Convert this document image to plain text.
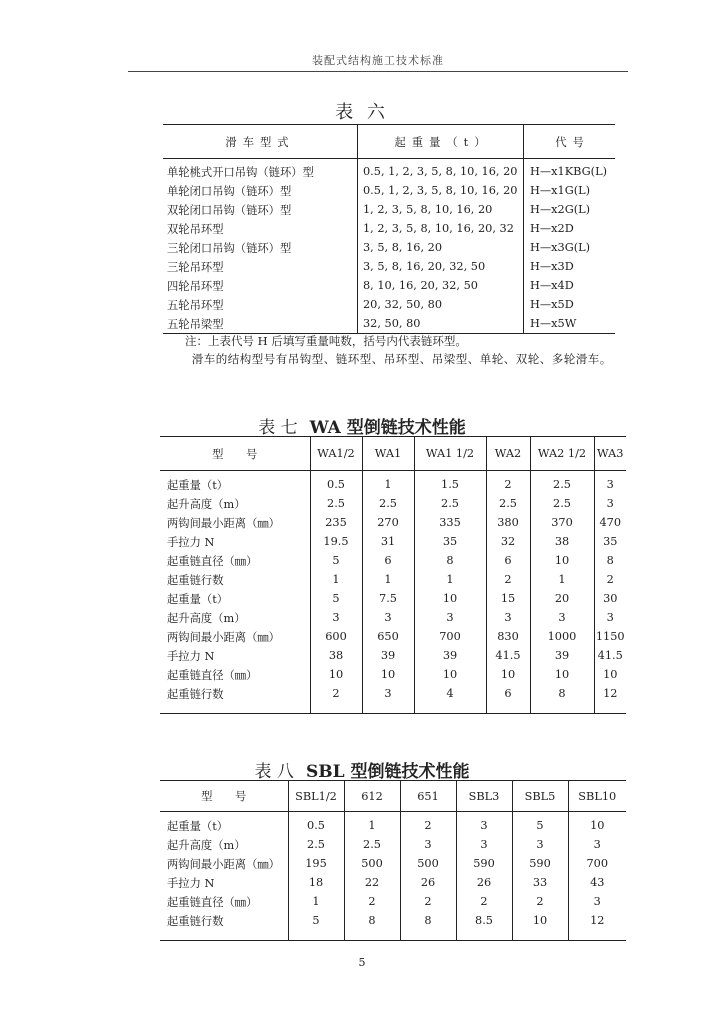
装配式结构施工技术标准
表 六
滑车型式	起重量（t）	代号
单轮桃式开口吊钩（链环）型	0.5, 1, 2, 3, 5, 8, 10, 16, 20	H—x1KBG(L)
单轮闭口吊钩（链环）型	0.5, 1, 2, 3, 5, 8, 10, 16, 20	H—x1G(L)
双轮闭口吊钩（链环）型	1, 2, 3, 5, 8, 10, 16, 20	H—x2G(L)
双轮吊环型	1, 2, 3, 5, 8, 10, 16, 20, 32	H—x2D
三轮闭口吊钩（链环）型	3, 5, 8, 16, 20	H—x3G(L)
三轮吊环型	3, 5, 8, 16, 20, 32, 50	H—x3D
四轮吊环型	8, 10, 16, 20, 32, 50	H—x4D
五轮吊环型	20, 32, 50, 80	H—x5D
五轮吊梁型	32, 50, 80	H—x5W
注：上表代号 H 后填写重量吨数，括号内代表链环型。
滑车的结构型号有吊钩型、链环型、吊环型、吊梁型、单轮、双轮、多轮滑车。
表 七 WA 型倒链技术性能
型　　号	WA1/2	WA1	WA1 1/2	WA2	WA2 1/2	WA3
起重量（t）	0.5	1	1.5	2	2.5	3
起升高度（m）	2.5	2.5	2.5	2.5	2.5	3
两钩间最小距离（㎜）	235	270	335	380	370	470
手拉力 N	19.5	31	35	32	38	35
起重链直径（㎜）	5	6	8	6	10	8
起重链行数	1	1	1	2	1	2
起重量（t）	5	7.5	10	15	20	30
起升高度（m）	3	3	3	3	3	3
两钩间最小距离（㎜）	600	650	700	830	1000	1150
手拉力 N	38	39	39	41.5	39	41.5
起重链直径（㎜）	10	10	10	10	10	10
起重链行数	2	3	4	6	8	12
表 八 SBL 型倒链技术性能
型　　号	SBL1/2	612	651	SBL3	SBL5	SBL10
起重量（t）	0.5	1	2	3	5	10
起升高度（m）	2.5	2.5	3	3	3	3
两钩间最小距离（㎜）	195	500	500	590	590	700
手拉力 N	18	22	26	26	33	43
起重链直径（㎜）	1	2	2	2	2	3
起重链行数	5	8	8	8.5	10	12
5
